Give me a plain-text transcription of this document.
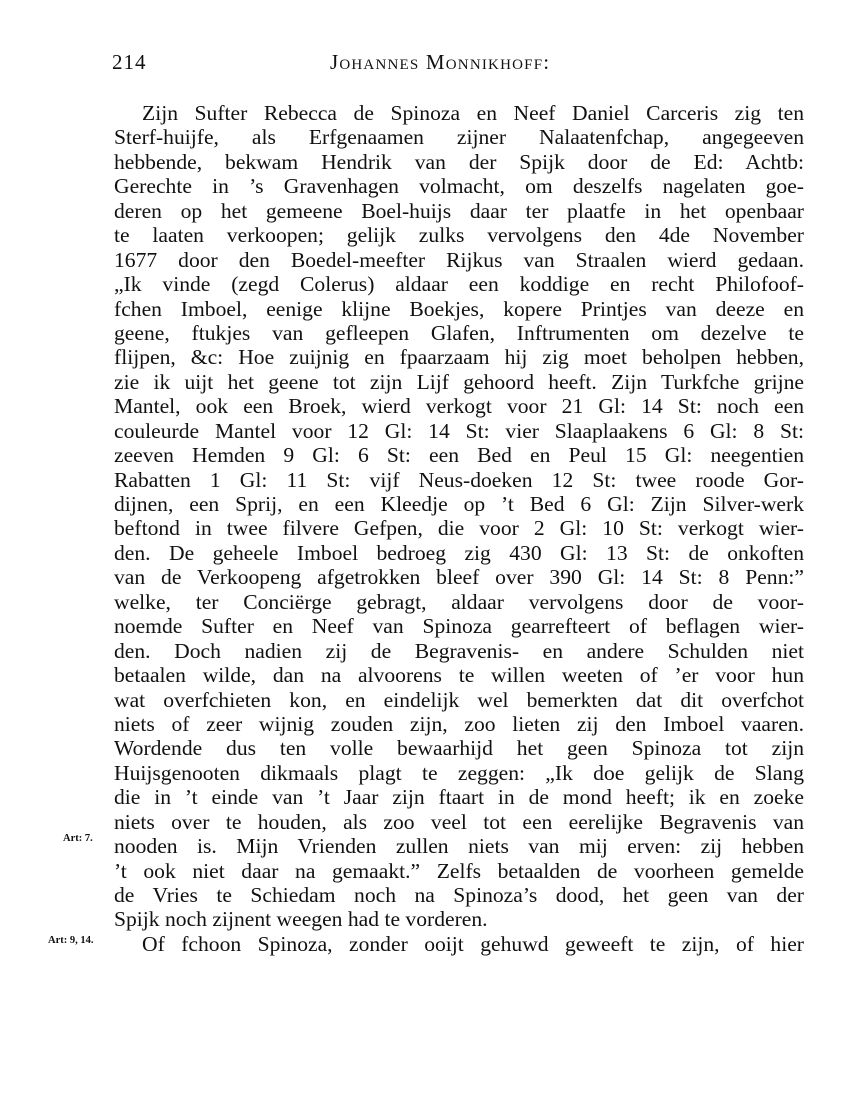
214	Johannes Monnikhoff:
Zijn Sufter Rebecca de Spinoza en Neef Daniel Carceris zig ten
Sterf-huijfe, als Erfgenaamen zijner Nalaatenfchap, angegeeven
hebbende, bekwam Hendrik van der Spijk door de Ed: Achtb:
Gerechte in ’s Gravenhagen volmacht, om deszelfs nagelaten goe-
deren op het gemeene Boel-huijs daar ter plaatfe in het openbaar
te laaten verkoopen; gelijk zulks vervolgens den 4de November
1677 door den Boedel-meefter Rijkus van Straalen wierd gedaan.
„Ik vinde (zegd Colerus) aldaar een koddige en recht Philofoof-
fchen Imboel, eenige klijne Boekjes, kopere Printjes van deeze en
geene, ftukjes van gefleepen Glafen, Inftrumenten om dezelve te
flijpen, &c: Hoe zuijnig en fpaarzaam hij zig moet beholpen hebben,
zie ik uijt het geene tot zijn Lijf gehoord heeft. Zijn Turkfche grijne
Mantel, ook een Broek, wierd verkogt voor 21 Gl: 14 St: noch een
couleurde Mantel voor 12 Gl: 14 St: vier Slaaplaakens 6 Gl: 8 St:
zeeven Hemden 9 Gl: 6 St: een Bed en Peul 15 Gl: neegentien
Rabatten 1 Gl: 11 St: vijf Neus-doeken 12 St: twee roode Gor-
dijnen, een Sprij, en een Kleedje op ’t Bed 6 Gl: Zijn Silver-werk
beftond in twee filvere Gefpen, die voor 2 Gl: 10 St: verkogt wier-
den. De geheele Imboel bedroeg zig 430 Gl: 13 St: de onkoften
van de Verkoopeng afgetrokken bleef over 390 Gl: 14 St: 8 Penn:”
welke, ter Conciërge gebragt, aldaar vervolgens door de voor-
noemde Sufter en Neef van Spinoza gearrefteert of beflagen wier-
den. Doch nadien zij de Begravenis- en andere Schulden niet
betaalen wilde, dan na alvoorens te willen weeten of ’er voor hun
wat overfchieten kon, en eindelijk wel bemerkten dat dit overfchot
niets of zeer wijnig zouden zijn, zoo lieten zij den Imboel vaaren.
Wordende dus ten volle bewaarhijd het geen Spinoza tot zijn
Huijsgenooten dikmaals plagt te zeggen: „Ik doe gelijk de Slang
die in ’t einde van ’t Jaar zijn ftaart in de mond heeft; ik en zoeke
niets over te houden, als zoo veel tot een eerelijke Begravenis van
nooden is. Mijn Vrienden zullen niets van mij erven: zij hebben
’t ook niet daar na gemaakt.” Zelfs betaalden de voorheen gemelde
de Vries te Schiedam noch na Spinoza’s dood, het geen van der
Spijk noch zijnent weegen had te vorderen.
Of fchoon Spinoza, zonder ooijt gehuwd geweeft te zijn, of hier
Art: 7.
Art: 9, 14.
